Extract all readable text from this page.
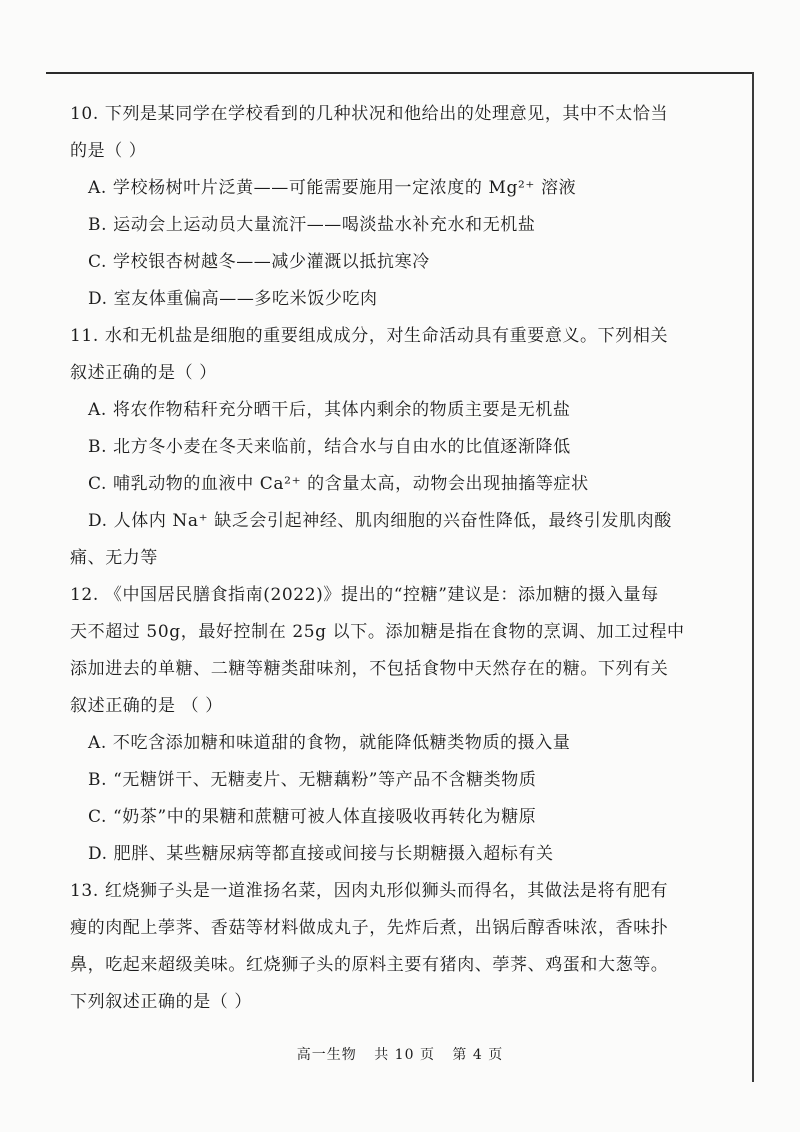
10. 下列是某同学在学校看到的几种状况和他给出的处理意见，其中不太恰当
的是（ ）
A. 学校杨树叶片泛黄——可能需要施用一定浓度的 Mg²⁺ 溶液
B. 运动会上运动员大量流汗——喝淡盐水补充水和无机盐
C. 学校银杏树越冬——减少灌溉以抵抗寒冷
D. 室友体重偏高——多吃米饭少吃肉
11. 水和无机盐是细胞的重要组成成分，对生命活动具有重要意义。下列相关
叙述正确的是（ ）
A. 将农作物秸秆充分晒干后，其体内剩余的物质主要是无机盐
B. 北方冬小麦在冬天来临前，结合水与自由水的比值逐渐降低
C. 哺乳动物的血液中 Ca²⁺ 的含量太高，动物会出现抽搐等症状
D. 人体内 Na⁺ 缺乏会引起神经、肌肉细胞的兴奋性降低，最终引发肌肉酸
痛、无力等
12. 《中国居民膳食指南(2022)》提出的“控糖”建议是：添加糖的摄入量每
天不超过 50g，最好控制在 25g 以下。添加糖是指在食物的烹调、加工过程中
添加进去的单糖、二糖等糖类甜味剂，不包括食物中天然存在的糖。下列有关
叙述正确的是 （ ）
A. 不吃含添加糖和味道甜的食物，就能降低糖类物质的摄入量
B. “无糖饼干、无糖麦片、无糖藕粉”等产品不含糖类物质
C. “奶茶”中的果糖和蔗糖可被人体直接吸收再转化为糖原
D. 肥胖、某些糖尿病等都直接或间接与长期糖摄入超标有关
13. 红烧狮子头是一道淮扬名菜，因肉丸形似狮头而得名，其做法是将有肥有
瘦的肉配上荸荠、香菇等材料做成丸子，先炸后煮，出锅后醇香味浓，香味扑
鼻，吃起来超级美味。红烧狮子头的原料主要有猪肉、荸荠、鸡蛋和大葱等。
下列叙述正确的是（ ）
高一生物 共 10 页 第 4 页
